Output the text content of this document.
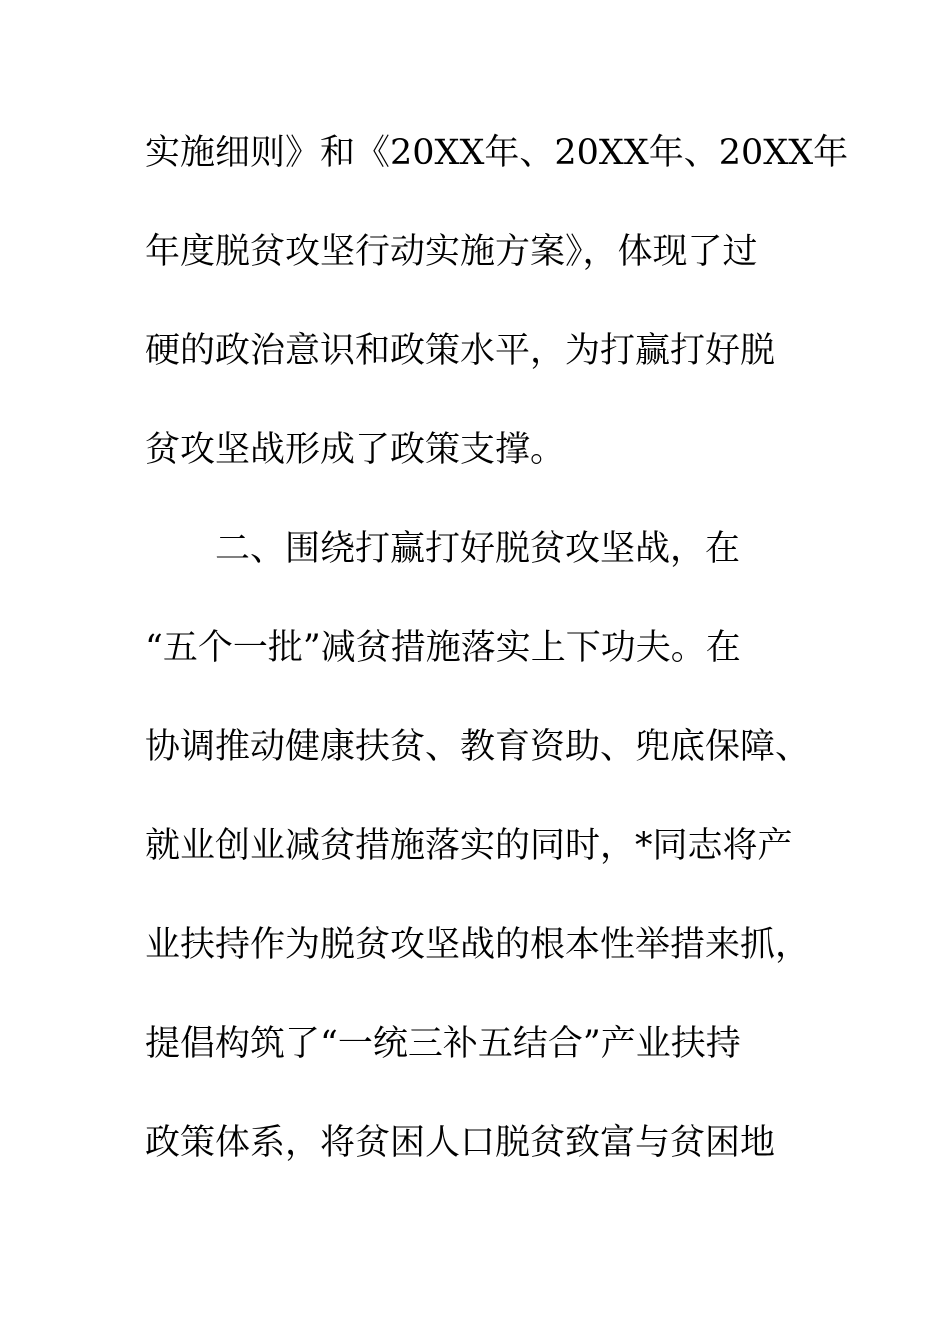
实施细则》和《20XX年、20XX年、20XX年
年度脱贫攻坚行动实施方案》，体现了过
硬的政治意识和政策水平，为打赢打好脱
贫攻坚战形成了政策支撑。
二、围绕打赢打好脱贫攻坚战，在
“五个一批”减贫措施落实上下功夫。在
协调推动健康扶贫、教育资助、兜底保障、
就业创业减贫措施落实的同时，*同志将产
业扶持作为脱贫攻坚战的根本性举措来抓，
提倡构筑了“一统三补五结合”产业扶持
政策体系，将贫困人口脱贫致富与贫困地
